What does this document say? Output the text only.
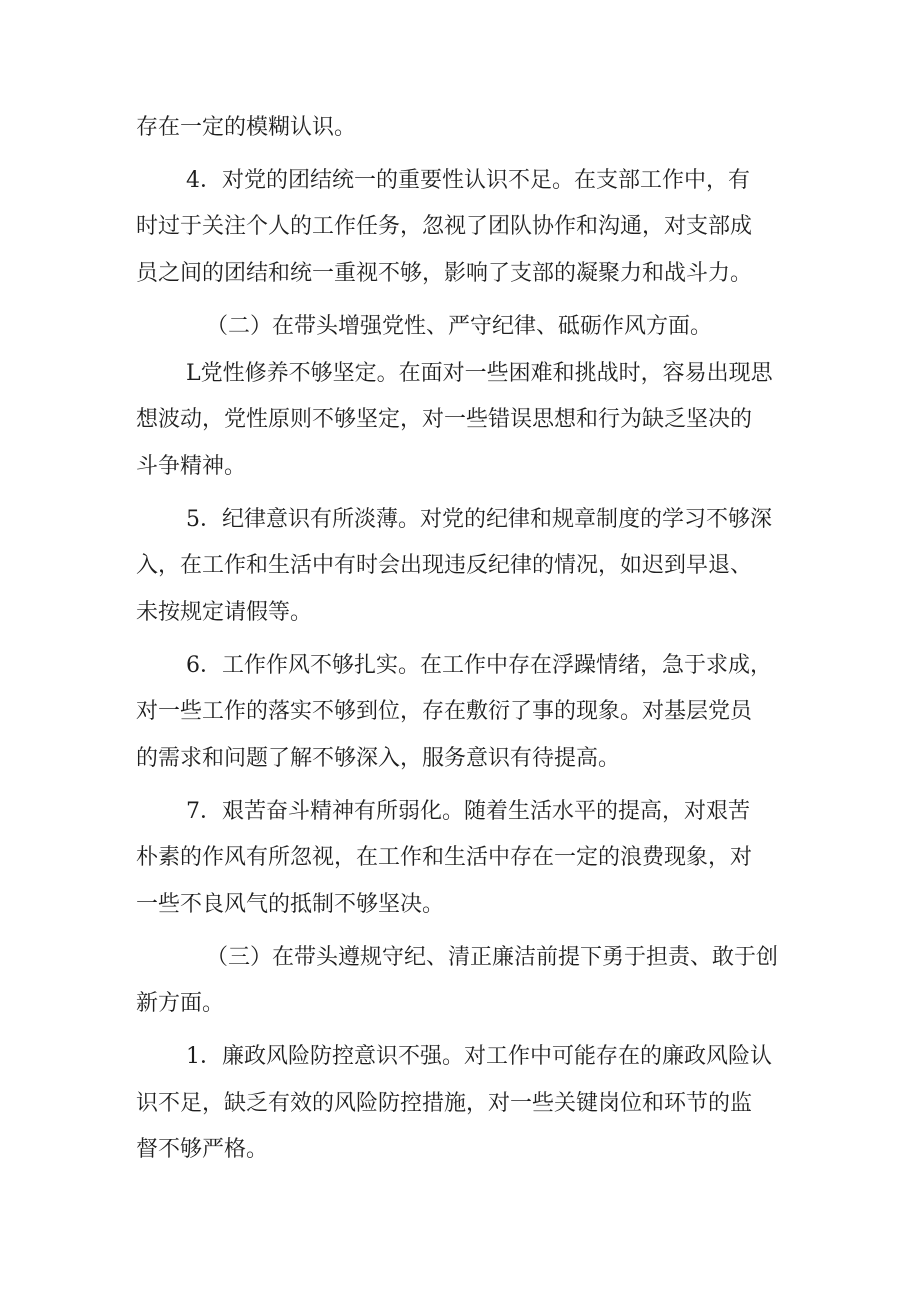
存在一定的模糊认识。
4．对党的团结统一的重要性认识不足。在支部工作中，有
时过于关注个人的工作任务，忽视了团队协作和沟通，对支部成
员之间的团结和统一重视不够，影响了支部的凝聚力和战斗力。
（二）在带头增强党性、严守纪律、砥砺作风方面。
L党性修养不够坚定。在面对一些困难和挑战时，容易出现思
想波动，党性原则不够坚定，对一些错误思想和行为缺乏坚决的
斗争精神。
5．纪律意识有所淡薄。对党的纪律和规章制度的学习不够深
入，在工作和生活中有时会出现违反纪律的情况，如迟到早退、
未按规定请假等。
6．工作作风不够扎实。在工作中存在浮躁情绪，急于求成，
对一些工作的落实不够到位，存在敷衍了事的现象。对基层党员
的需求和问题了解不够深入，服务意识有待提高。
7．艰苦奋斗精神有所弱化。随着生活水平的提高，对艰苦
朴素的作风有所忽视，在工作和生活中存在一定的浪费现象，对
一些不良风气的抵制不够坚决。
（三）在带头遵规守纪、清正廉洁前提下勇于担责、敢于创
新方面。
1．廉政风险防控意识不强。对工作中可能存在的廉政风险认
识不足，缺乏有效的风险防控措施，对一些关键岗位和环节的监
督不够严格。
